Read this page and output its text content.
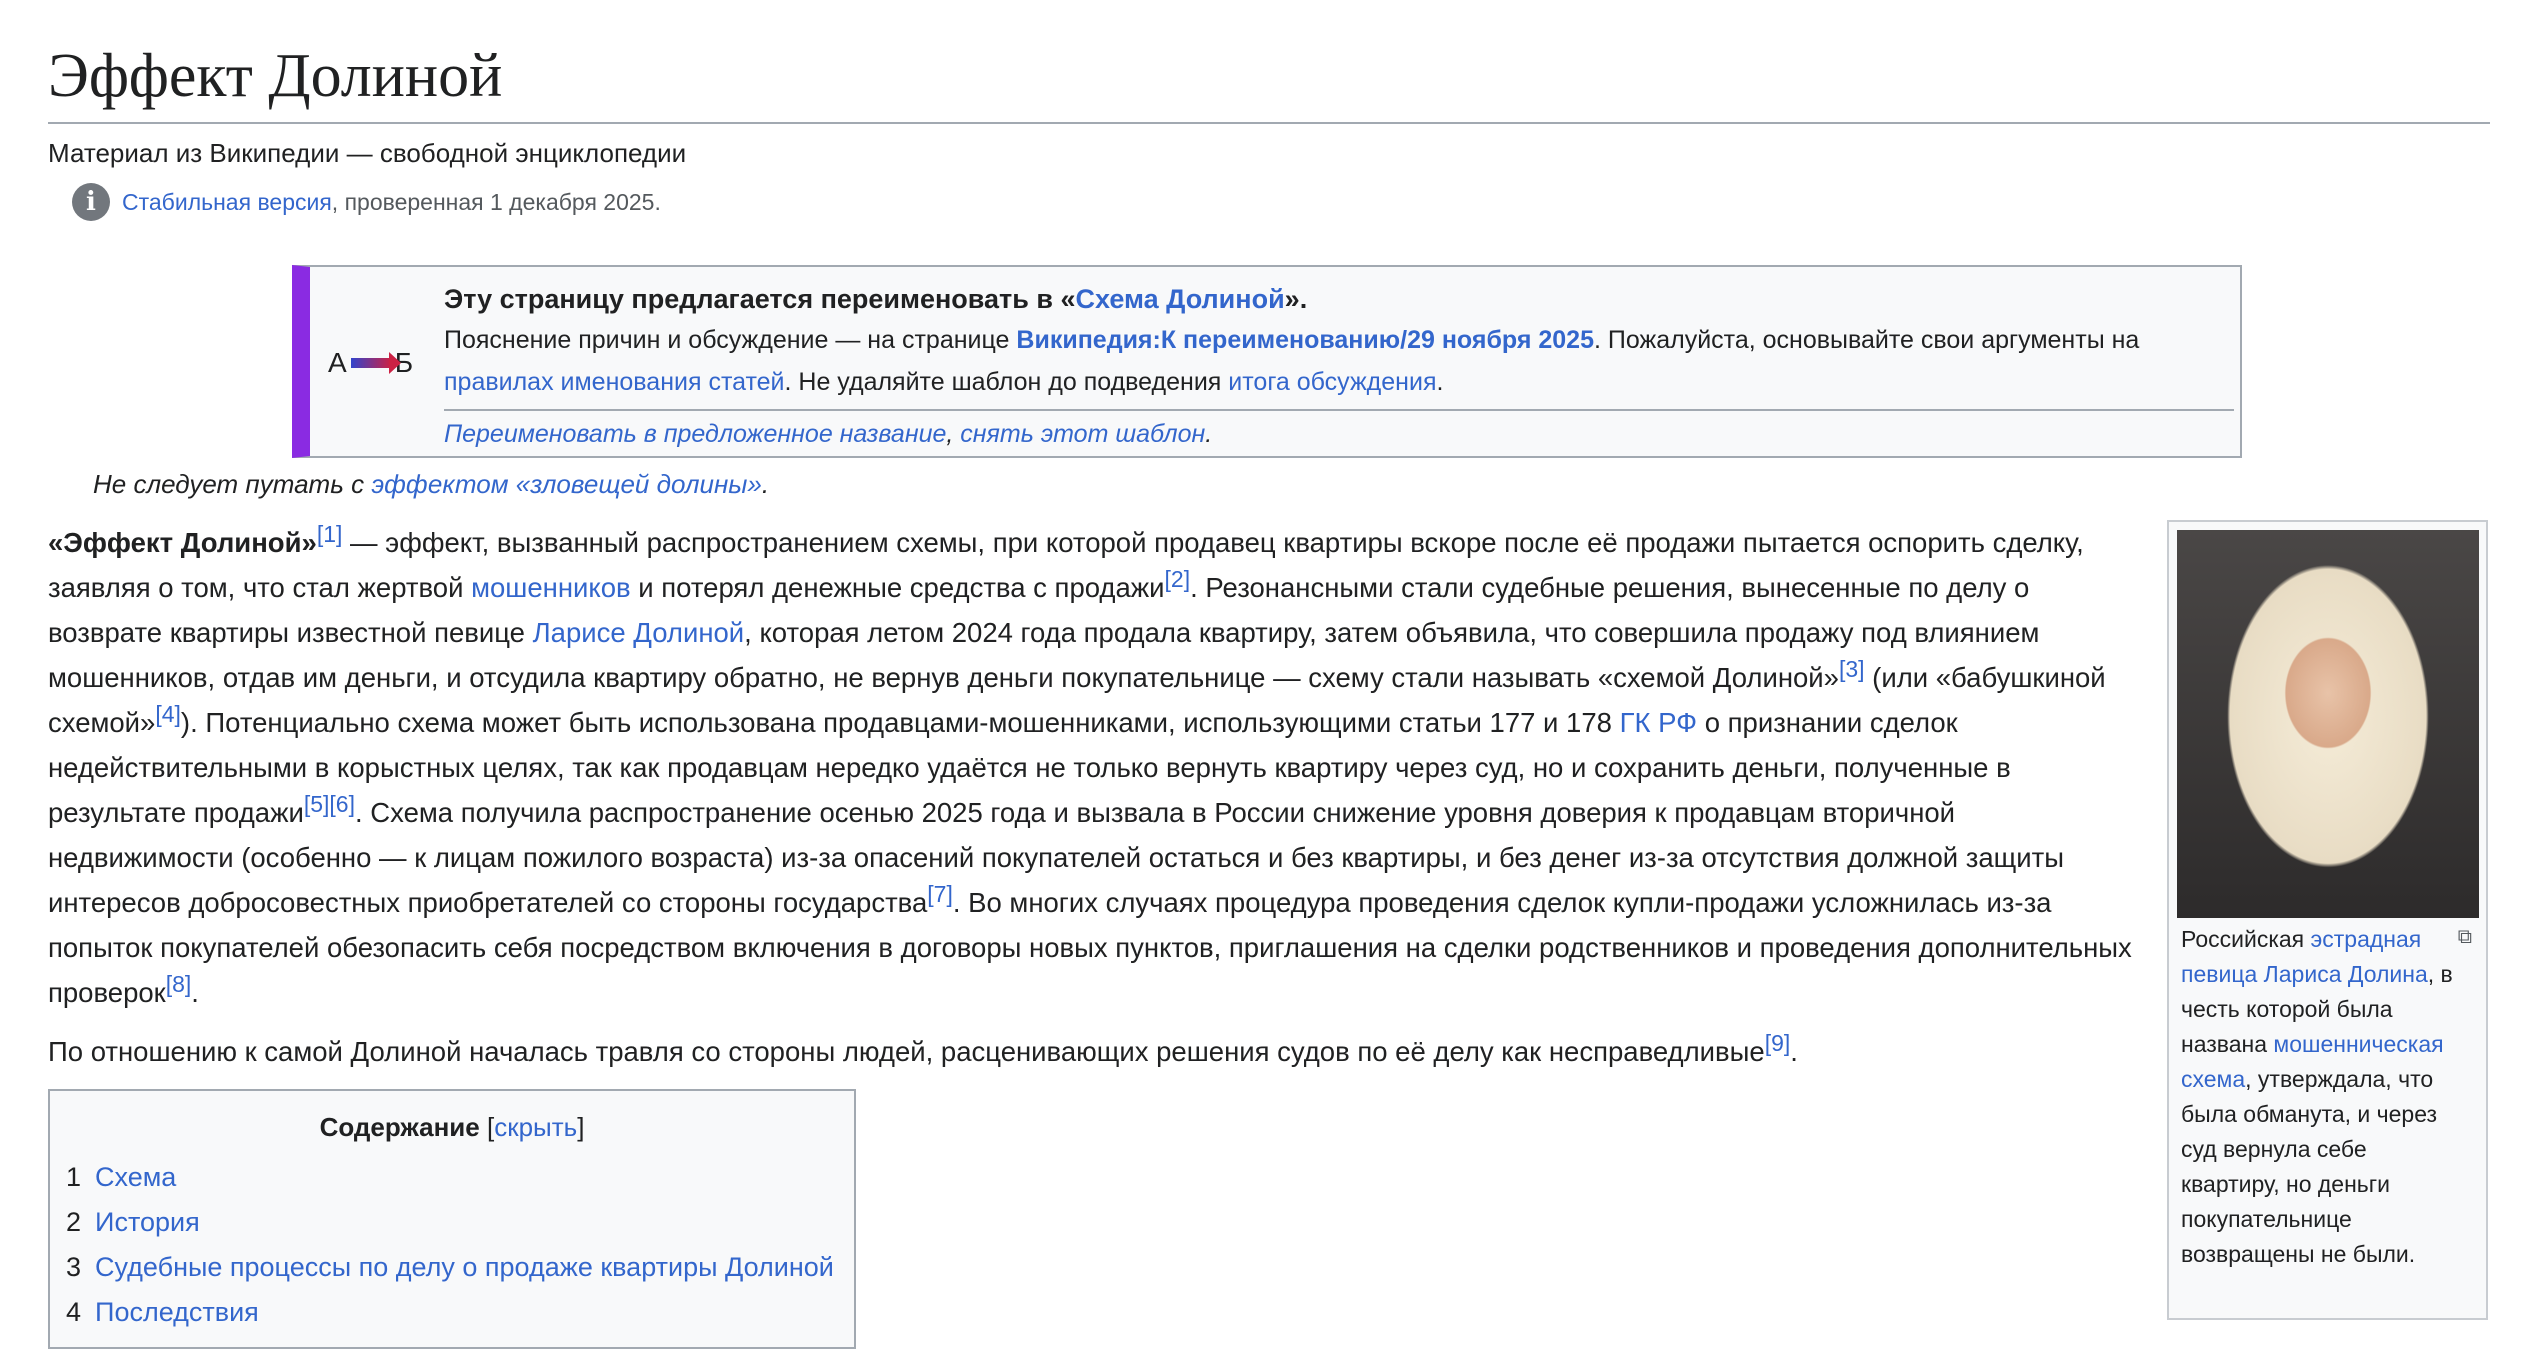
Эффект Долиной
Материал из Википедии — свободной энциклопедии
i	Стабильная версия, проверенная 1 декабря 2025.
А Б
Эту страницу предлагается переименовать в «Схема Долиной».
Пояснение причин и обсуждение — на странице Википедия:К переименованию/29 ноября 2025. Пожалуйста, основывайте свои аргументы на правилах именования статей. Не удаляйте шаблон до подведения итога обсуждения.
Переименовать в предложенное название, снять этот шаблон.
Не следует путать с эффектом «зловещей долины».

«Эффект Долиной»[1] — эффект, вызванный распространением схемы, при которой продавец квартиры вскоре после её продажи пытается оспорить сделку, заявляя о том, что стал жертвой мошенников и потерял денежные средства с продажи[2]. Резонансными стали судебные решения, вынесенные по делу о возврате квартиры известной певице Ларисе Долиной, которая летом 2024 года продала квартиру, затем объявила, что совершила продажу под влиянием мошенников, отдав им деньги, и отсудила квартиру обратно, не вернув деньги покупательнице — схему стали называть «схемой Долиной»[3] (или «бабушкиной схемой»[4]). Потенциально схема может быть использована продавцами-мошенниками, использующими статьи 177 и 178 ГК РФ о признании сделок недействительными в корыстных целях, так как продавцам нередко удаётся не только вернуть квартиру через суд, но и сохранить деньги, полученные в результате продажи[5][6]. Схема получила распространение осенью 2025 года и вызвала в России снижение уровня доверия к продавцам вторичной недвижимости (особенно — к лицам пожилого возраста) из-за опасений покупателей остаться и без квартиры, и без денег из-за отсутствия должной защиты интересов добросовестных приобретателей со стороны государства[7]. Во многих случаях процедура проведения сделок купли-продажи усложнилась из-за попыток покупателей обезопасить себя посредством включения в договоры новых пунктов, приглашения на сделки родственников и проведения дополнительных проверок[8].

По отношению к самой Долиной началась травля со стороны людей, расценивающих решения судов по её делу как несправедливые[9].

Российская эстрадная певица Лариса Долина, в честь которой была названа мошенническая схема, утверждала, что была обманута, и через суд вернула себе квартиру, но деньги покупательнице возвращены не были.
⧉
Содержание [скрыть]
1 Схема
2 История
3 Судебные процессы по делу о продаже квартиры Долиной
4 Последствия
